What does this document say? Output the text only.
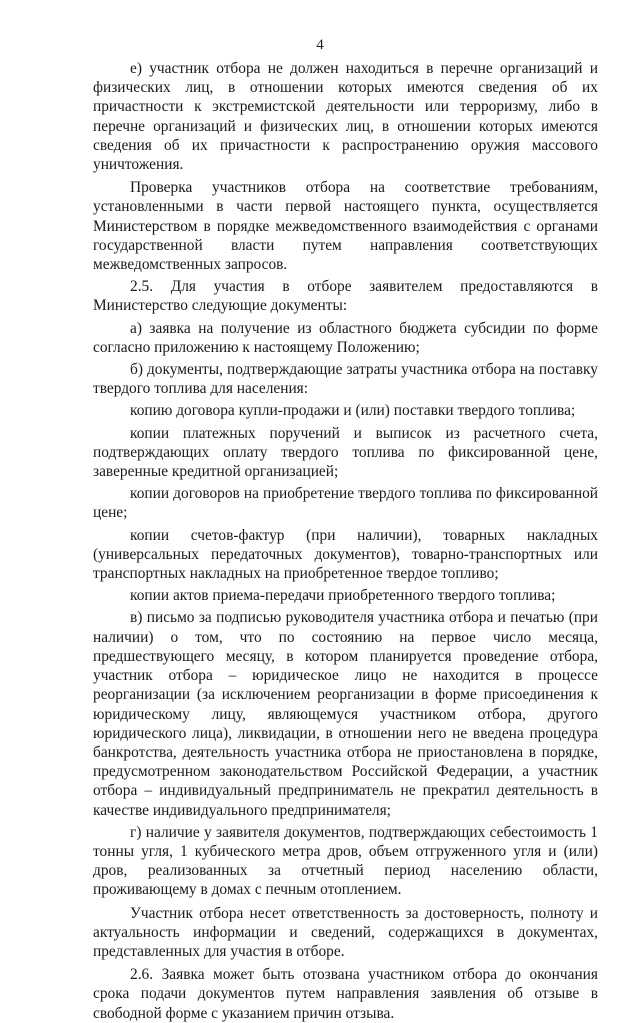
4

е) участник отбора не должен находиться в перечне организаций и физических лиц, в отношении которых имеются сведения об их причастности к экстремистской деятельности или терроризму, либо в перечне организаций и физических лиц, в отношении которых имеются сведения об их причастности к распространению оружия массового уничтожения.

Проверка участников отбора на соответствие требованиям, установленными в части первой настоящего пункта, осуществляется Министерством в порядке межведомственного взаимодействия с органами государственной власти путем направления соответствующих межведомственных запросов.

2.5. Для участия в отборе заявителем предоставляются в Министерство следующие документы:

а) заявка на получение из областного бюджета субсидии по форме согласно приложению к настоящему Положению;

б) документы, подтверждающие затраты участника отбора на поставку твердого топлива для населения:

копию договора купли-продажи и (или) поставки твердого топлива;

копии платежных поручений и выписок из расчетного счета, подтверждающих оплату твердого топлива по фиксированной цене, заверенные кредитной организацией;

копии договоров на приобретение твердого топлива по фиксированной цене;

копии счетов-фактур (при наличии), товарных накладных (универсальных передаточных документов), товарно-транспортных или транспортных накладных на приобретенное твердое топливо;

копии актов приема-передачи приобретенного твердого топлива;

в) письмо за подписью руководителя участника отбора и печатью (при наличии) о том, что по состоянию на первое число месяца, предшествующего месяцу, в котором планируется проведение отбора, участник отбора – юридическое лицо не находится в процессе реорганизации (за исключением реорганизации в форме присоединения к юридическому лицу, являющемуся участником отбора, другого юридического лица), ликвидации, в отношении него не введена процедура банкротства, деятельность участника отбора не приостановлена в порядке, предусмотренном законодательством Российской Федерации, а участник отбора – индивидуальный предприниматель не прекратил деятельность в качестве индивидуального предпринимателя;

г) наличие у заявителя документов, подтверждающих себестоимость 1 тонны угля, 1 кубического метра дров, объем отгруженного угля и (или) дров, реализованных за отчетный период населению области, проживающему в домах с печным отоплением.

Участник отбора несет ответственность за достоверность, полноту и актуальность информации и сведений, содержащихся в документах, представленных для участия в отборе.

2.6. Заявка может быть отозвана участником отбора до окончания срока подачи документов путем направления заявления об отзыве в свободной форме с указанием причин отзыва.
